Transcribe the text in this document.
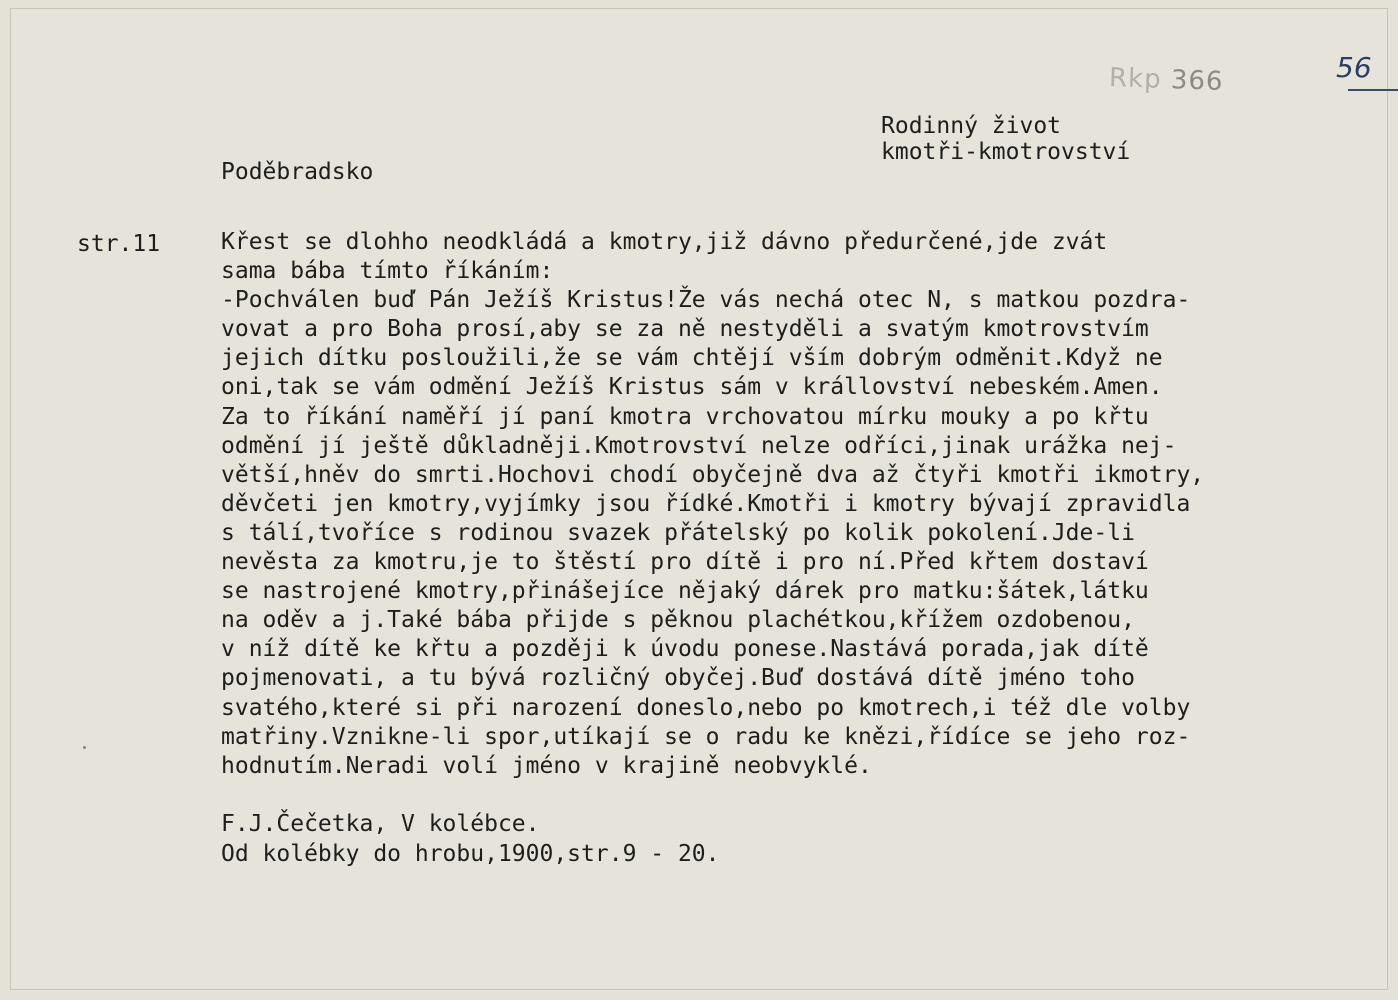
56
Rkp 366
Rodinný život
kmotři-kmotrovství
Poděbradsko
str.11	Křest se dlohho neodkládá a kmotry,již dávno předurčené,jde zvát
sama bába tímto říkáním:
-Pochválen buď Pán Ježíš Kristus!Že vás nechá otec N, s matkou pozdra-
vovat a pro Boha prosí,aby se za ně nestyděli a svatým kmotrovstvím
jejich dítku posloužili,že se vám chtějí vším dobrým odměnit.Když ne
oni,tak se vám odmění Ježíš Kristus sám v krállovství nebeském.Amen.
Za to říkání naměří jí paní kmotra vrchovatou mírku mouky a po křtu
odmění jí ještě důkladněji.Kmotrovství nelze odříci,jinak urážka nej-
větší,hněv do smrti.Hochovi chodí obyčejně dva až čtyři kmotři ikmotry,
děvčeti jen kmotry,vyjímky jsou řídké.Kmotři i kmotry bývají zpravidla
s tálí,tvoříce s rodinou svazek přátelský po kolik pokolení.Jde-li
nevěsta za kmotru,je to štěstí pro dítě i pro ní.Před křtem dostaví
se nastrojené kmotry,přinášejíce nějaký dárek pro matku:šátek,látku
na oděv a j.Také bába přijde s pěknou plachétkou,křížem ozdobenou,
v níž dítě ke křtu a později k úvodu ponese.Nastává porada,jak dítě
pojmenovati, a tu bývá rozličný obyčej.Buď dostává dítě jméno toho
svatého,které si při narození doneslo,nebo po kmotrech,i též dle volby
matřiny.Vznikne-li spor,utíkají se o radu ke knězi,řídíce se jeho roz-
hodnutím.Neradi volí jméno v krajině neobvyklé.
F.J.Čečetka, V kolébce.
Od kolébky do hrobu,1900,str.9 - 20.
